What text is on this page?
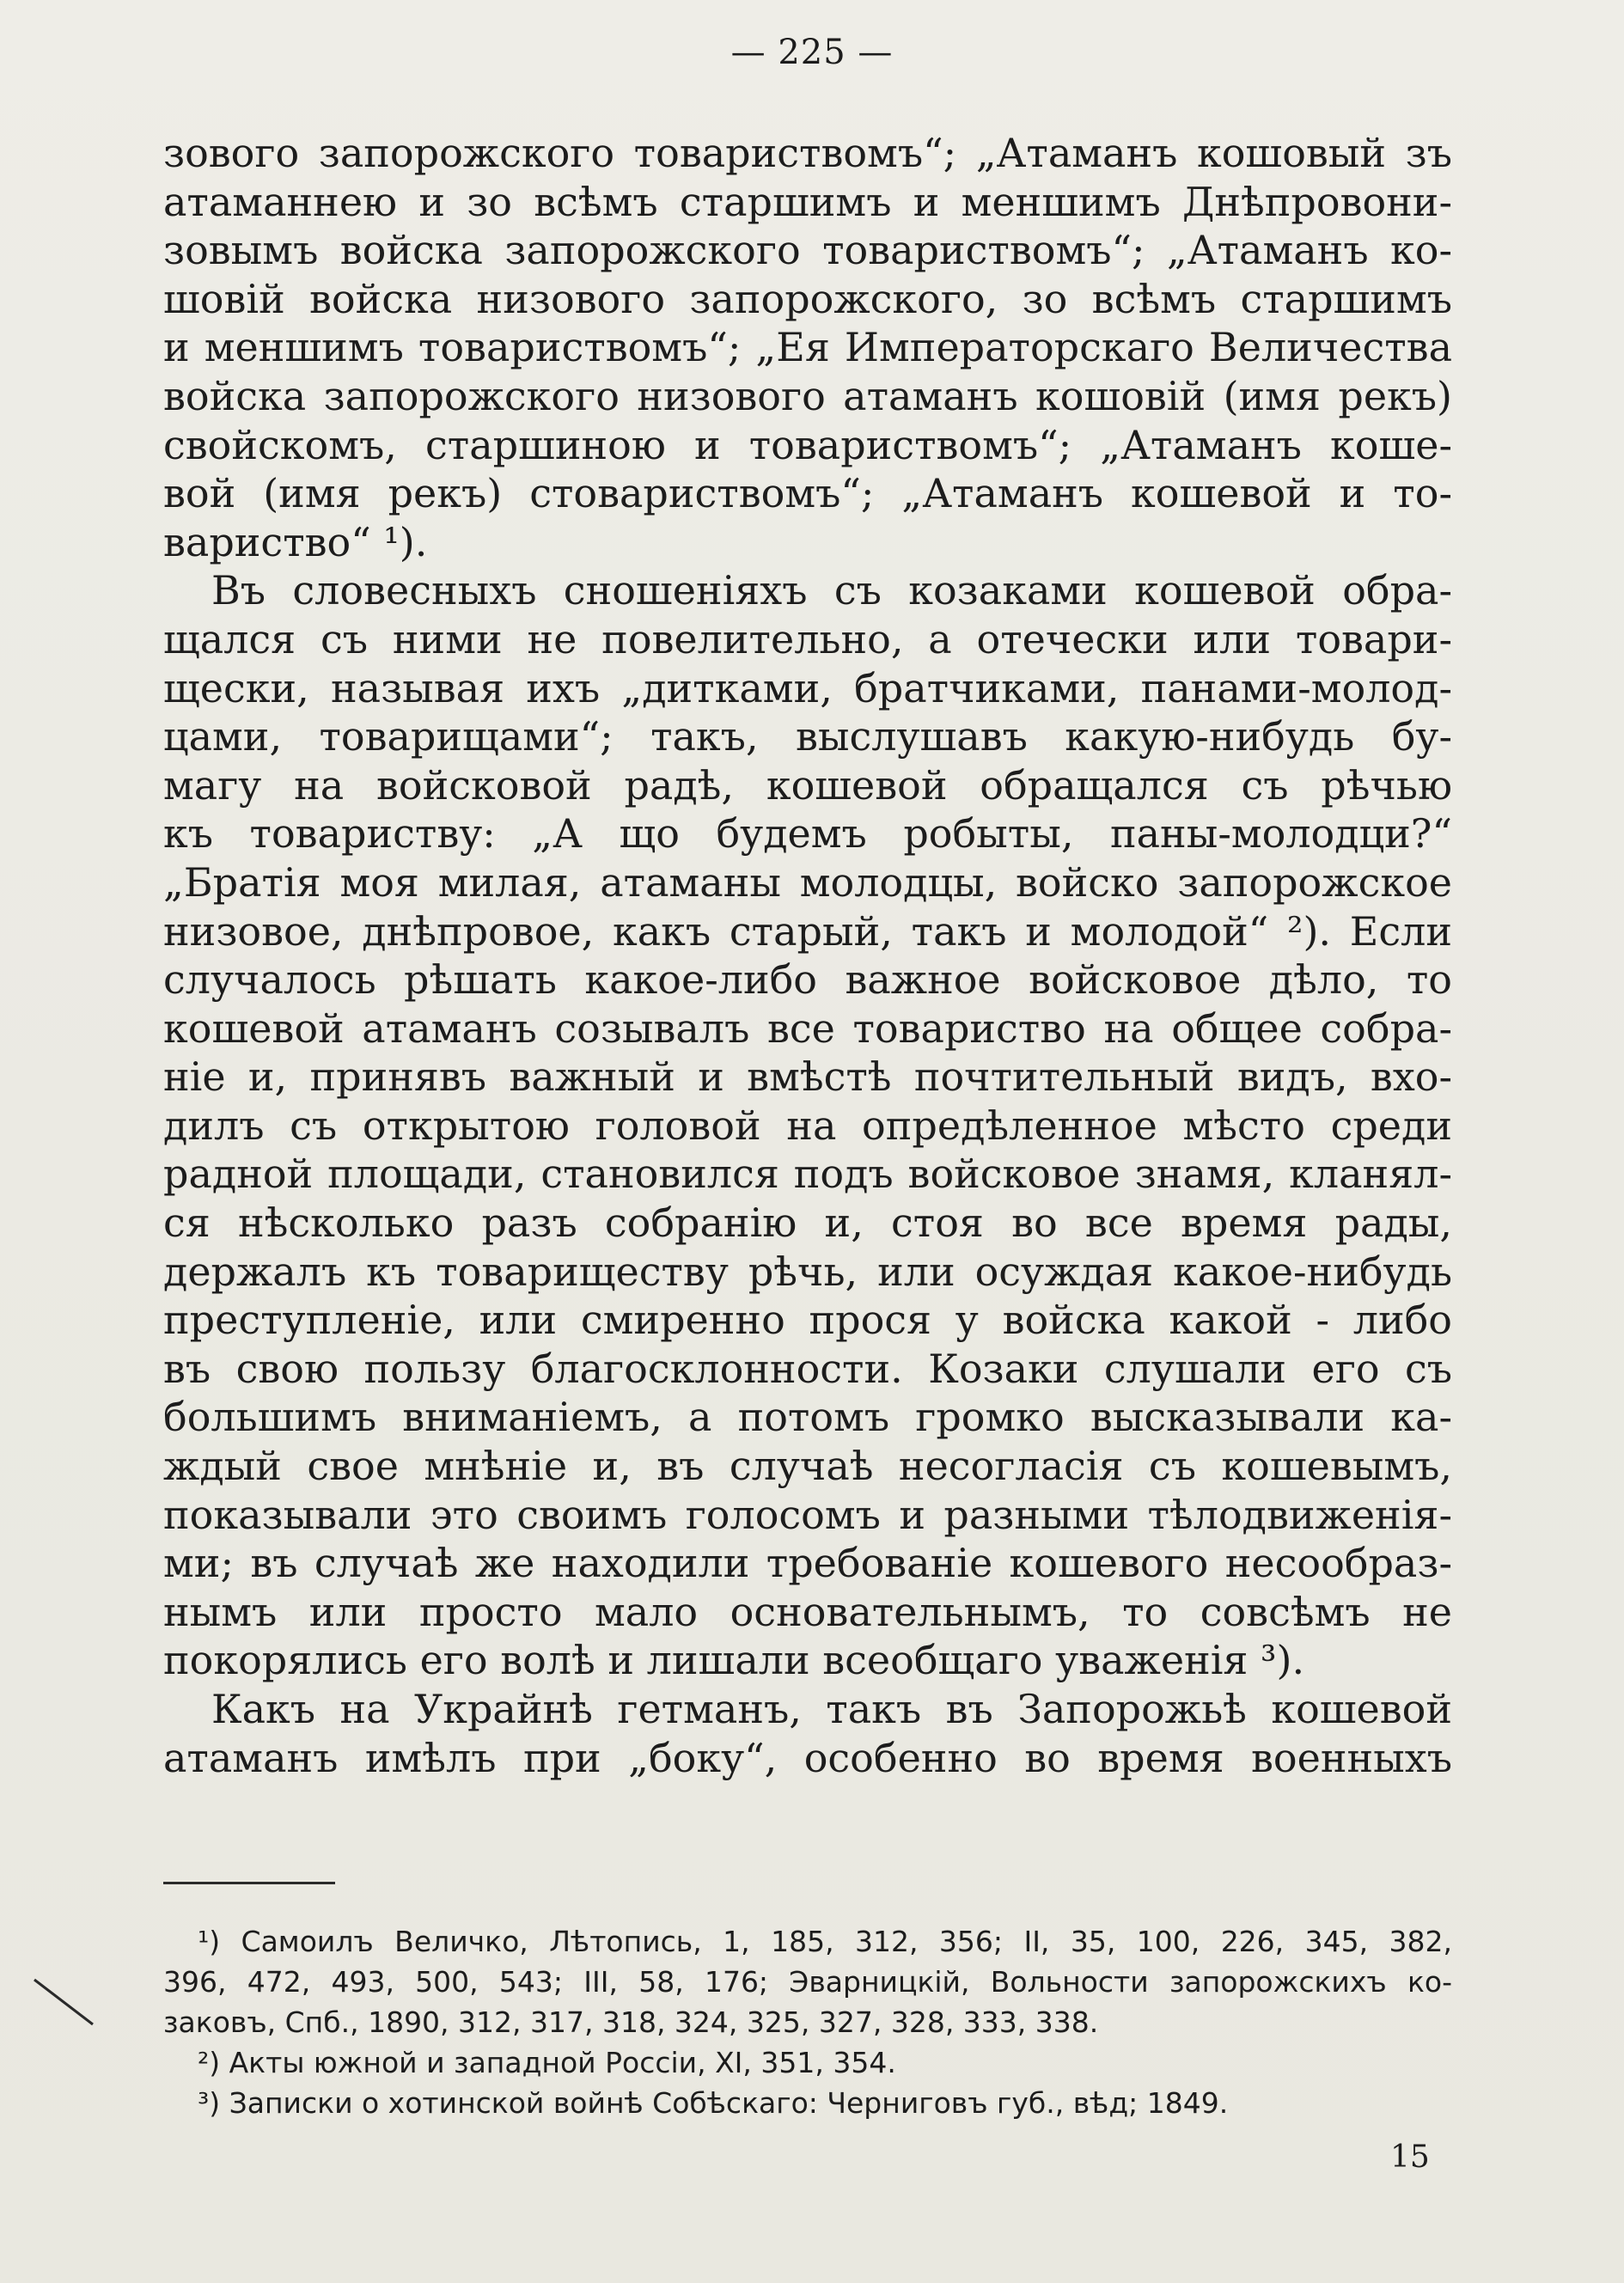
— 225 —
зового запорожского товариствомъ“; „Атаманъ кошовый зъ
атаманнею и зо всѣмъ старшимъ и меншимъ Днѣпровони-
зовымъ войска запорожского товариствомъ“; „Атаманъ ко-
шовій войска низового запорожского, зо всѣмъ старшимъ
и меншимъ товариствомъ“; „Ея Императорскаго Величества
войска запорожского низового атаманъ кошовій (имя рекъ)
свойскомъ, старшиною и товариствомъ“; „Атаманъ коше-
вой (имя рекъ) стовариствомъ“; „Атаманъ кошевой и то-
вариство“ ¹).
Въ словесныхъ сношеніяхъ съ козаками кошевой обра-
щался съ ними не повелительно, а отечески или товари-
щески, называя ихъ „дитками, братчиками, панами-молод-
цами, товарищами“; такъ, выслушавъ какую-нибудь бу-
магу на войсковой радѣ, кошевой обращался съ рѣчью
къ товариству: „А що будемъ робыты, паны-молодци?“
„Братія моя милая, атаманы молодцы, войско запорожское
низовое, днѣпровое, какъ старый, такъ и молодой“ ²). Если
случалось рѣшать какое-либо важное войсковое дѣло, то
кошевой атаманъ созывалъ все товариство на общее собра-
ніе и, принявъ важный и вмѣстѣ почтительный видъ, вхо-
дилъ съ открытою головой на опредѣленное мѣсто среди
радной площади, становился подъ войсковое знамя, кланял-
ся нѣсколько разъ собранію и, стоя во все время рады,
держалъ къ товариществу рѣчь, или осуждая какое-нибудь
преступленіе, или смиренно прося у войска какой - либо
въ свою пользу благосклонности. Козаки слушали его съ
большимъ вниманіемъ, а потомъ громко высказывали ка-
ждый свое мнѣніе и, въ случаѣ несогласія съ кошевымъ,
показывали это своимъ голосомъ и разными тѣлодвиженія-
ми; въ случаѣ же находили требованіе кошевого несообраз-
нымъ или просто мало основательнымъ, то совсѣмъ не
покорялись его волѣ и лишали всеобщаго уваженія ³).
Какъ на Украйнѣ гетманъ, такъ въ Запорожьѣ кошевой
атаманъ имѣлъ при „боку“, особенно во время военныхъ
¹) Самоилъ Величко, Лѣтопись, 1, 185, 312, 356; II, 35, 100, 226, 345, 382,
396, 472, 493, 500, 543; III, 58, 176; Эварницкій, Вольности запорожскихъ ко-
заковъ, Спб., 1890, 312, 317, 318, 324, 325, 327, 328, 333, 338.
²) Акты южной и западной Россіи, XI, 351, 354.
³) Записки о хотинской войнѣ Собѣскаго: Черниговъ губ., вѣд; 1849.
15
